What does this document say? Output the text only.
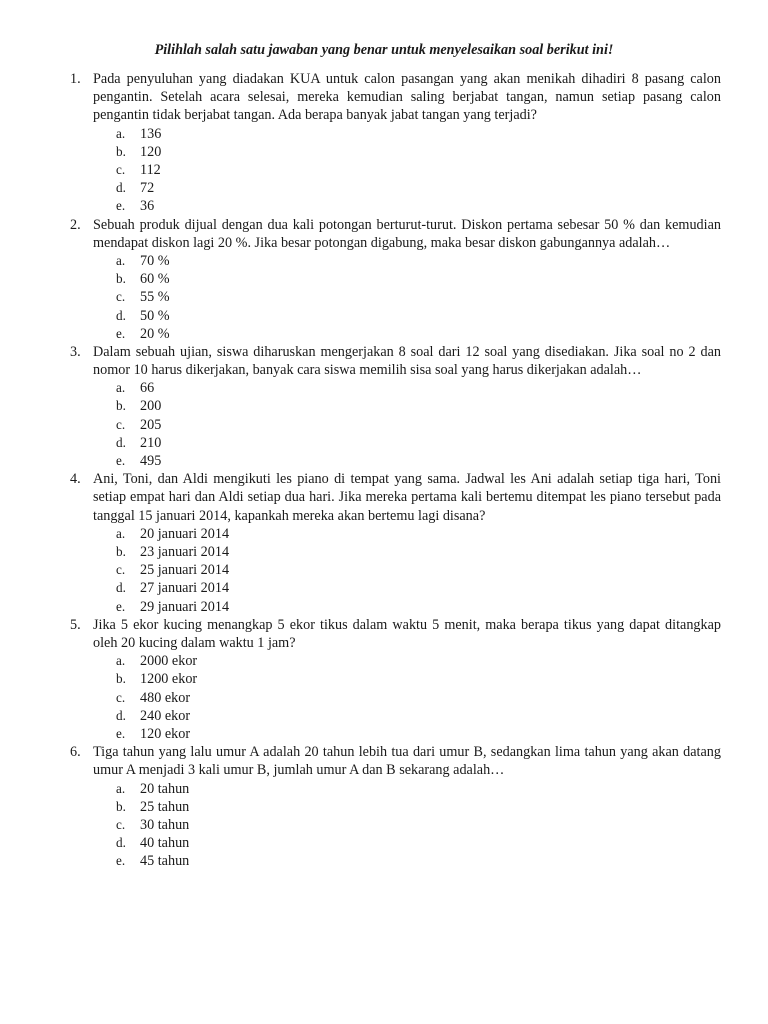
Pilihlah salah satu jawaban yang benar untuk menyelesaikan soal berikut ini!
1. Pada penyuluhan yang diadakan KUA untuk calon pasangan yang akan menikah dihadiri 8 pasang calon pengantin. Setelah acara selesai, mereka kemudian saling berjabat tangan, namun setiap pasang calon pengantin tidak berjabat tangan. Ada berapa banyak jabat tangan yang terjadi?
a. 136
b. 120
c. 112
d. 72
e. 36
2. Sebuah produk dijual dengan dua kali potongan berturut-turut. Diskon pertama sebesar 50 % dan kemudian mendapat diskon lagi 20 %. Jika besar potongan digabung, maka besar diskon gabungannya adalah…
a. 70 %
b. 60 %
c. 55 %
d. 50 %
e. 20 %
3. Dalam sebuah ujian, siswa diharuskan mengerjakan 8 soal dari 12 soal yang disediakan. Jika soal no 2 dan nomor 10 harus dikerjakan, banyak cara siswa memilih sisa soal yang harus dikerjakan adalah…
a. 66
b. 200
c. 205
d. 210
e. 495
4. Ani, Toni, dan Aldi mengikuti les piano di tempat yang sama. Jadwal les Ani adalah setiap tiga hari, Toni setiap empat hari dan Aldi setiap dua hari. Jika mereka pertama kali bertemu ditempat les piano tersebut pada tanggal 15 januari 2014, kapankah mereka akan bertemu lagi disana?
a. 20 januari 2014
b. 23 januari 2014
c. 25 januari 2014
d. 27 januari 2014
e. 29 januari 2014
5. Jika 5 ekor kucing menangkap 5 ekor tikus dalam waktu 5 menit, maka berapa tikus yang dapat ditangkap oleh 20 kucing dalam waktu 1 jam?
a. 2000 ekor
b. 1200 ekor
c. 480 ekor
d. 240 ekor
e. 120 ekor
6. Tiga tahun yang lalu umur A adalah 20 tahun lebih tua dari umur B, sedangkan lima tahun yang akan datang umur A menjadi 3 kali umur B, jumlah umur A dan B sekarang adalah…
a. 20 tahun
b. 25 tahun
c. 30 tahun
d. 40 tahun
e. 45 tahun
